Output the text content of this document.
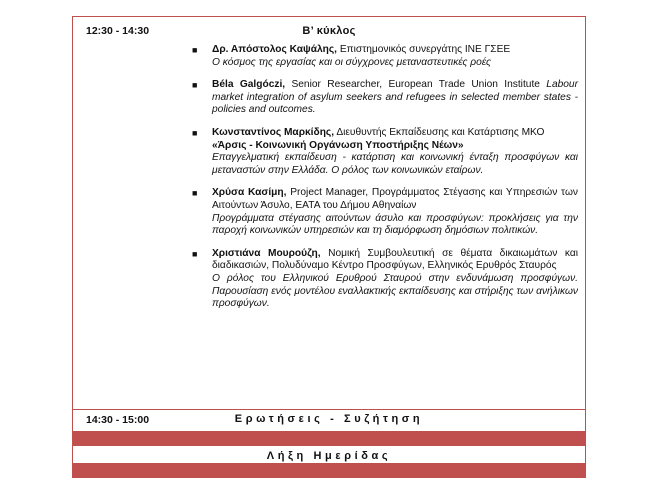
12:30 - 14:30	Β’ κύκλος
■ Δρ. Απόστολος Καψάλης, Επιστημονικός συνεργάτης ΙΝΕ ΓΣΕΕ
Ο κόσμος της εργασίας και οι σύγχρονες μεταναστευτικές ροές
■ Béla Galgóczi, Senior Researcher, European Trade Union Institute Labour market integration of asylum seekers and refugees in selected member states - policies and outcomes.
■ Κωνσταντίνος Μαρκίδης, Διευθυντής Εκπαίδευσης και Κατάρτισης ΜΚΟ
«Άρσις - Κοινωνική Οργάνωση Υποστήριξης Νέων»
Επαγγελματική εκπαίδευση - κατάρτιση και κοινωνική ένταξη προσφύγων και μεταναστών στην Ελλάδα. Ο ρόλος των κοινωνικών εταίρων.
■ Χρύσα Κασίμη, Project Manager, Προγράμματος Στέγασης και Υπηρεσιών των Αιτούντων Άσυλο, ΕΑΤΑ του Δήμου Αθηναίων
Προγράμματα στέγασης αιτούντων άσυλο και προσφύγων: προκλήσεις για την παροχή κοινωνικών υπηρεσιών και τη διαμόρφωση δημόσιων πολιτικών.
■ Χριστιάνα Μουρούζη, Νομική Συμβουλευτική σε θέματα δικαιωμάτων και διαδικασιών, Πολυδύναμο Κέντρο Προσφύγων, Ελληνικός Ερυθρός Σταυρός
Ο ρόλος του Ελληνικού Ερυθρού Σταυρού στην ενδυνάμωση προσφύγων. Παρουσίαση ενός μοντέλου εναλλακτικής εκπαίδευσης και στήριξης των ανήλικων προσφύγων.
14:30 - 15:00	Ερωτήσεις - Συζήτηση
Λήξη Ημερίδας
